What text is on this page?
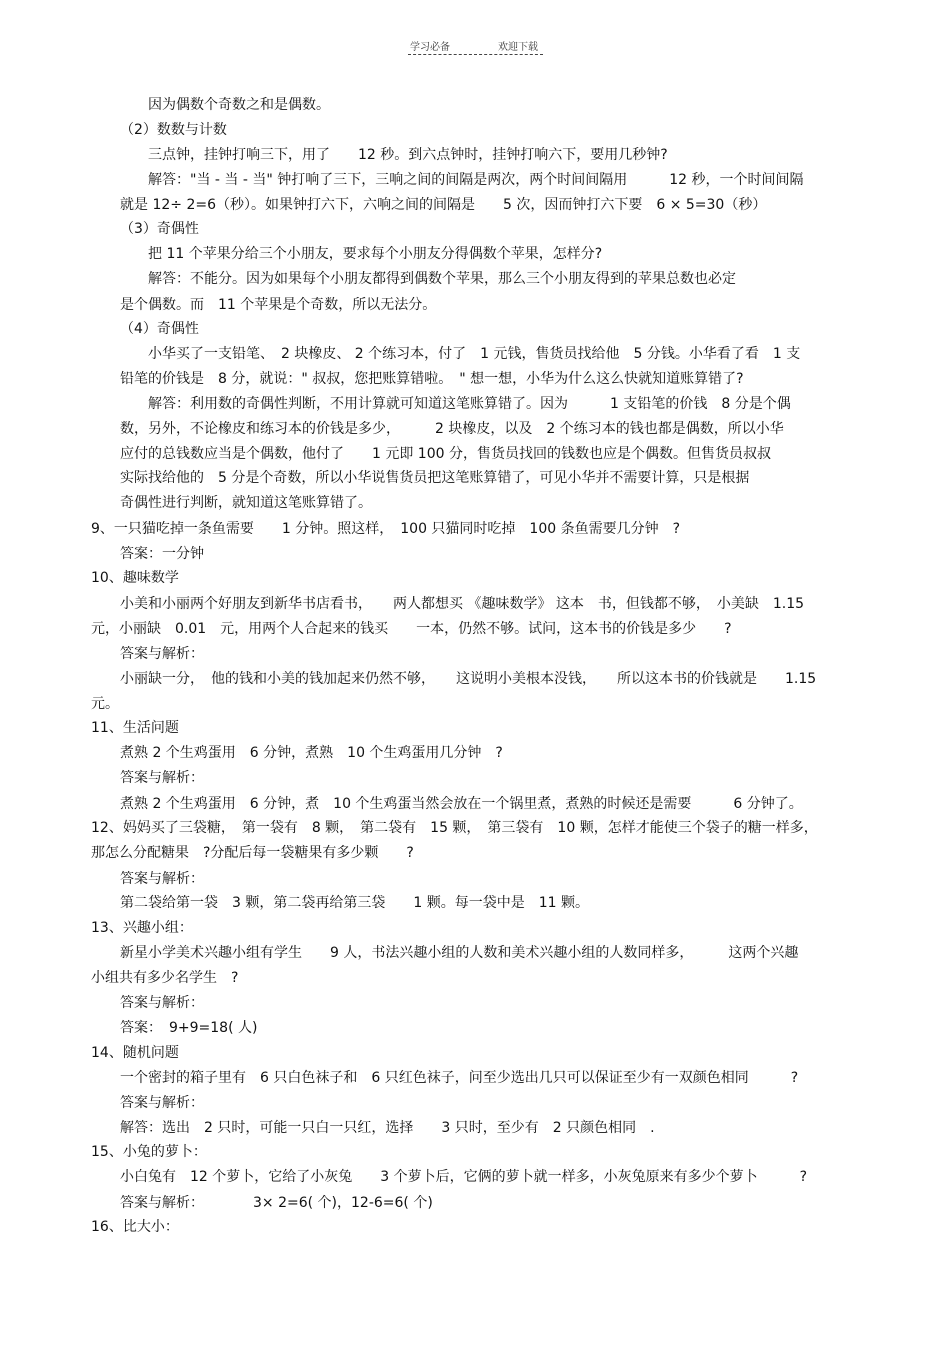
学习必备	欢迎下载
因为偶数个奇数之和是偶数。
（2）数数与计数
三点钟，挂钟打响三下，用了　　12 秒。到六点钟时，挂钟打响六下，要用几秒钟?
解答："当 - 当 - 当" 钟打响了三下，三响之间的间隔是两次，两个时间间隔用　　　12 秒，一个时间间隔
就是 12÷ 2=6（秒）。如果钟打六下，六响之间的间隔是　　5 次，因而钟打六下要　6 × 5=30（秒）
（3）奇偶性
把 11 个苹果分给三个小朋友，要求每个小朋友分得偶数个苹果，怎样分?
解答：不能分。因为如果每个小朋友都得到偶数个苹果，那么三个小朋友得到的苹果总数也必定
是个偶数。而　11 个苹果是个奇数，所以无法分。
（4）奇偶性
小华买了一支铅笔、　2 块橡皮、 2 个练习本，付了　1 元钱，售货员找给他　5 分钱。小华看了看　1 支
铅笔的价钱是　8 分，就说：" 叔叔，您把账算错啦。　" 想一想，小华为什么这么快就知道账算错了?
解答：利用数的奇偶性判断，不用计算就可知道这笔账算错了。因为　　　1 支铅笔的价钱　8 分是个偶
数，另外，不论橡皮和练习本的价钱是多少，　　　2 块橡皮，以及　2 个练习本的钱也都是偶数，所以小华
应付的总钱数应当是个偶数，他付了　　1 元即 100 分，售货员找回的钱数也应是个偶数。但售货员叔叔
实际找给他的　5 分是个奇数，所以小华说售货员把这笔账算错了，可见小华并不需要计算，只是根据
奇偶性进行判断，就知道这笔账算错了。
9、一只猫吃掉一条鱼需要　　1 分钟。照这样，　100 只猫同时吃掉　100 条鱼需要几分钟　?
答案：一分钟
10、趣味数学
小美和小丽两个好朋友到新华书店看书，　　两人都想买 《趣味数学》 这本　书，但钱都不够，　小美缺　1.15
元，小丽缺　0.01　元，用两个人合起来的钱买　　一本，仍然不够。试问，这本书的价钱是多少　　?
答案与解析：
小丽缺一分，　他的钱和小美的钱加起来仍然不够，　　这说明小美根本没钱，　　所以这本书的价钱就是　　1.15
元。
11、生活问题
煮熟 2 个生鸡蛋用　6 分钟，煮熟　10 个生鸡蛋用几分钟　?
答案与解析：
煮熟 2 个生鸡蛋用　6 分钟，煮　10 个生鸡蛋当然会放在一个锅里煮，煮熟的时候还是需要　　　6 分钟了。
12、妈妈买了三袋糖，　第一袋有　8 颗，　第二袋有　15 颗，　第三袋有　10 颗，怎样才能使三个袋子的糖一样多，
那怎么分配糖果　?分配后每一袋糖果有多少颗　　?
答案与解析：
第二袋给第一袋　3 颗，第二袋再给第三袋　　1 颗。每一袋中是　11 颗。
13、兴趣小组：
新星小学美术兴趣小组有学生　　9 人，书法兴趣小组的人数和美术兴趣小组的人数同样多，　　　这两个兴趣
小组共有多少名学生　?
答案与解析：
答案：　9+9=18( 人)
14、随机问题
一个密封的箱子里有　6 只白色袜子和　6 只红色袜子，问至少选出几只可以保证至少有一双颜色相同　　　?
答案与解析：
解答：选出　2 只时，可能一只白一只红，选择　　3 只时，至少有　2 只颜色相同　.
15、小兔的萝卜：
小白兔有　12 个萝卜，它给了小灰兔　　3 个萝卜后，它俩的萝卜就一样多，小灰兔原来有多少个萝卜　　　?
答案与解析：　　　　3× 2=6( 个)，12-6=6( 个)
16、比大小：
